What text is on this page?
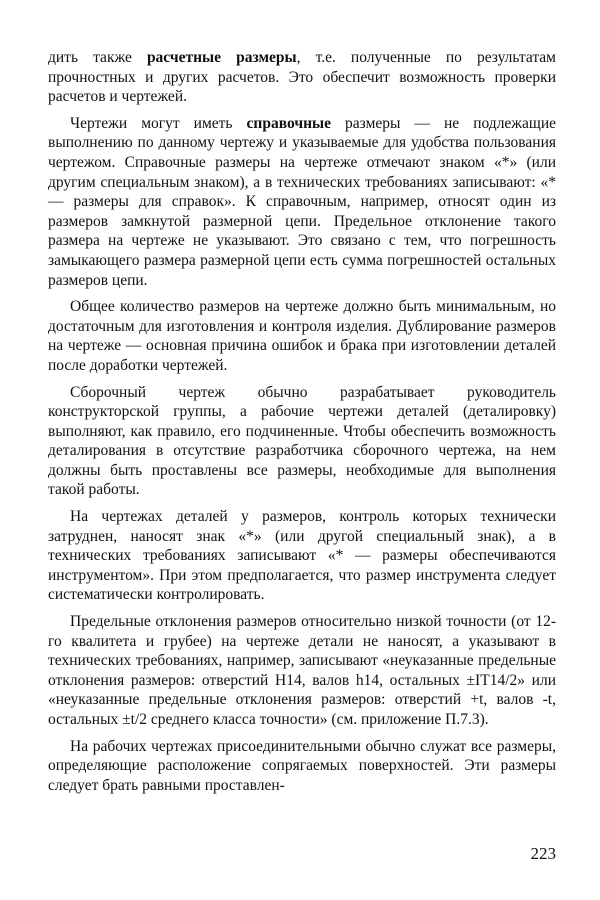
дить также расчетные размеры, т.е. полученные по результатам прочностных и других расчетов. Это обеспечит возможность проверки расчетов и чертежей.

Чертежи могут иметь справочные размеры — не подлежащие выполнению по данному чертежу и указываемые для удобства пользования чертежом. Справочные размеры на чертеже отмечают знаком «*» (или другим специальным знаком), а в технических требованиях записывают: «* — размеры для справок». К справочным, например, относят один из размеров замкнутой размерной цепи. Предельное отклонение такого размера на чертеже не указывают. Это связано с тем, что погрешность замыкающего размера размерной цепи есть сумма погрешностей остальных размеров цепи.

Общее количество размеров на чертеже должно быть минимальным, но достаточным для изготовления и контроля изделия. Дублирование размеров на чертеже — основная причина ошибок и брака при изготовлении деталей после доработки чертежей.

Сборочный чертеж обычно разрабатывает руководитель конструкторской группы, а рабочие чертежи деталей (деталировку) выполняют, как правило, его подчиненные. Чтобы обеспечить возможность деталирования в отсутствие разработчика сборочного чертежа, на нем должны быть проставлены все размеры, необходимые для выполнения такой работы.

На чертежах деталей у размеров, контроль которых технически затруднен, наносят знак «*» (или другой специальный знак), а в технических требованиях записывают «* — размеры обеспечиваются инструментом». При этом предполагается, что размер инструмента следует систематически контролировать.

Предельные отклонения размеров относительно низкой точности (от 12-го квалитета и грубее) на чертеже детали не наносят, а указывают в технических требованиях, например, записывают «неуказанные предельные отклонения размеров: отверстий H14, валов h14, остальных ±IT14/2» или «неуказанные предельные отклонения размеров: отверстий +t, валов -t, остальных ±t/2 среднего класса точности» (см. приложение П.7.3).

На рабочих чертежах присоединительными обычно служат все размеры, определяющие расположение сопрягаемых поверхностей. Эти размеры следует брать равными проставлен-

223
